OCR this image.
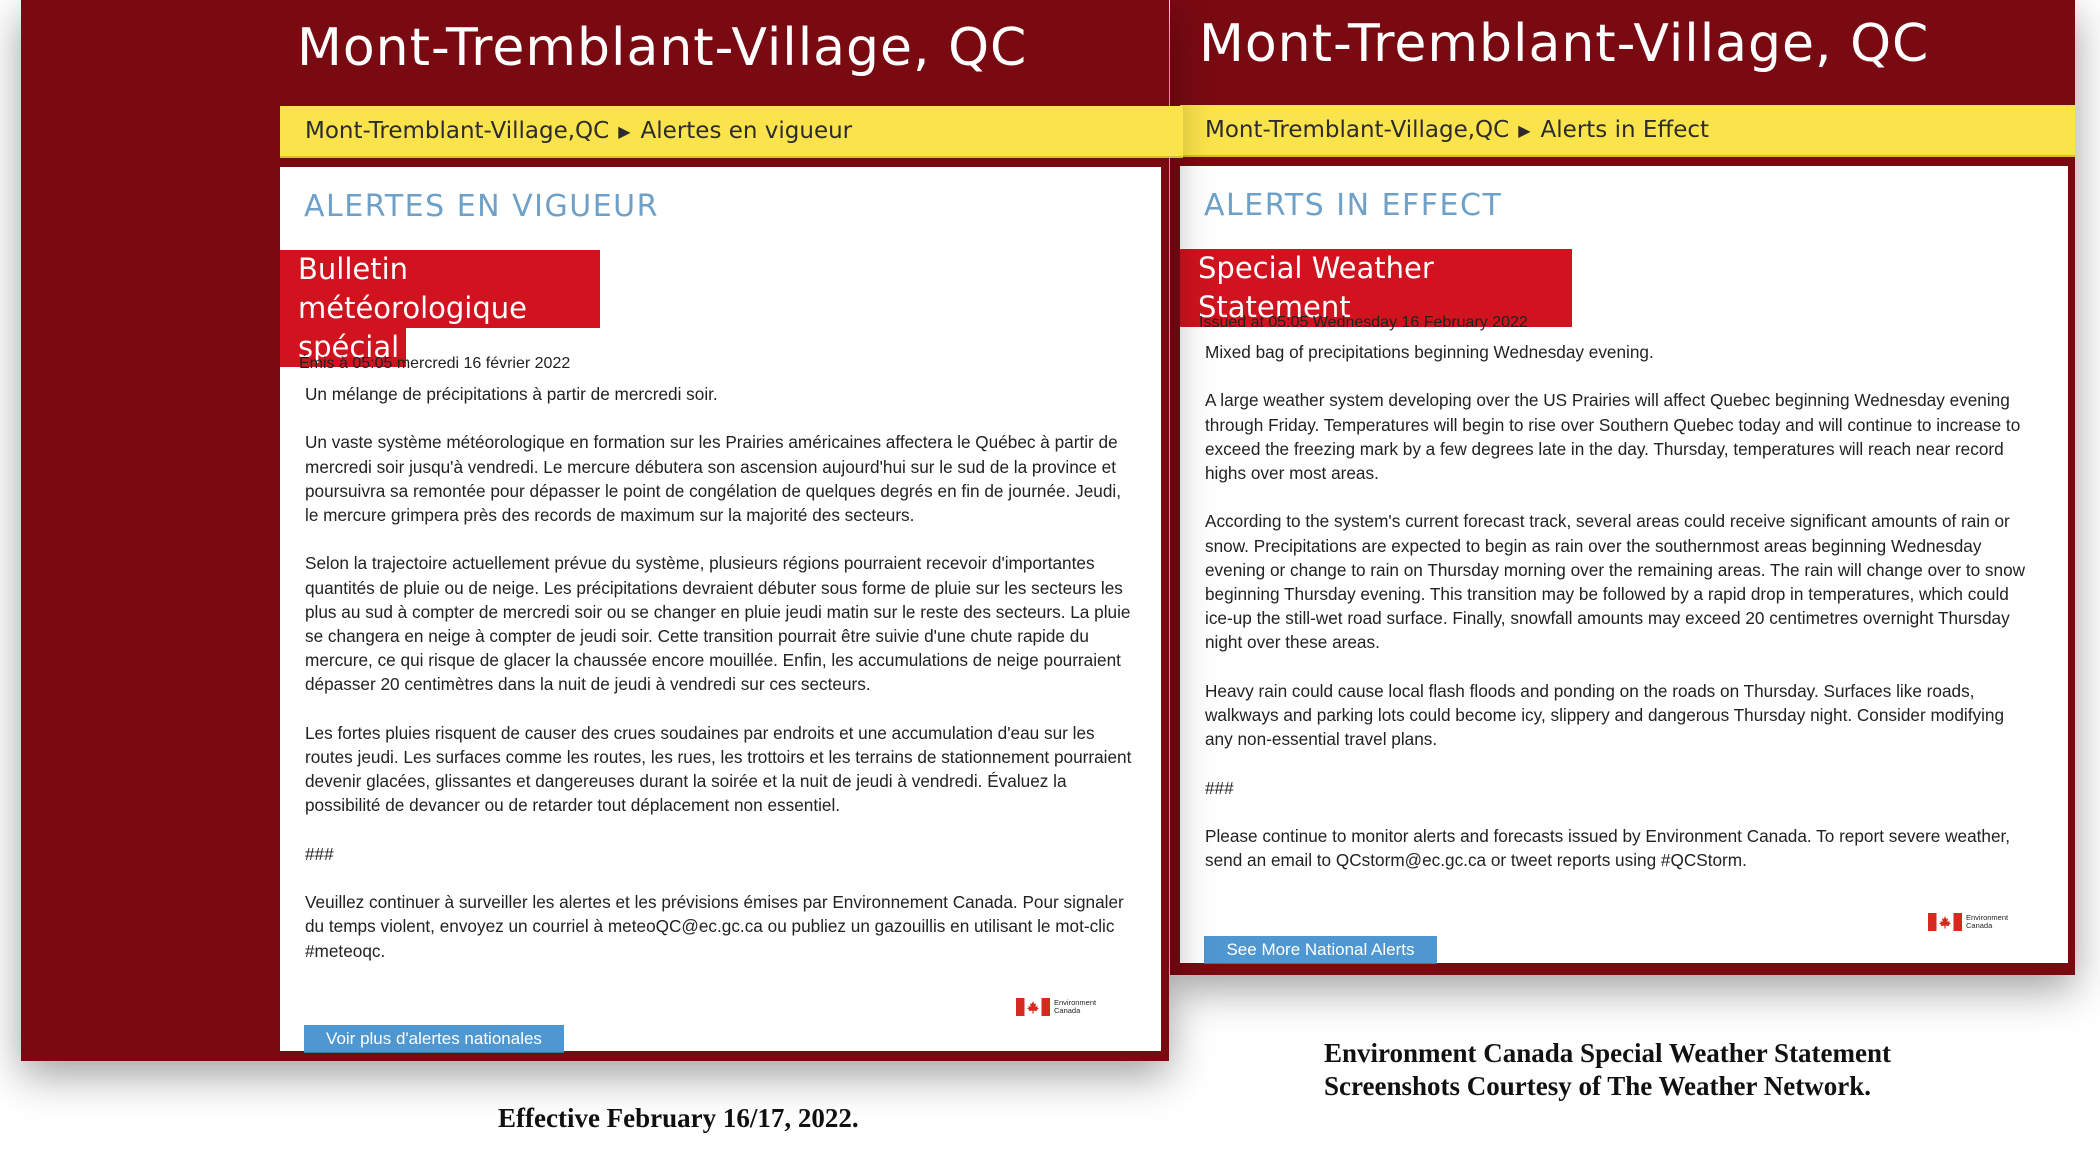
Mont-Tremblant-Village, QC
Mont-Tremblant-Village,QC ▶ Alertes en vigueur
ALERTES EN VIGUEUR
Bulletin météorologique
spécial
Émis à 05:05 mercredi 16 février 2022

Un mélange de précipitations à partir de mercredi soir.

Un vaste système météorologique en formation sur les Prairies américaines affectera le Québec à partir de mercredi soir jusqu'à vendredi. Le mercure débutera son ascension aujourd'hui sur le sud de la province et poursuivra sa remontée pour dépasser le point de congélation de quelques degrés en fin de journée. Jeudi, le mercure grimpera près des records de maximum sur la majorité des secteurs.

Selon la trajectoire actuellement prévue du système, plusieurs régions pourraient recevoir d'importantes quantités de pluie ou de neige. Les précipitations devraient débuter sous forme de pluie sur les secteurs les plus au sud à compter de mercredi soir ou se changer en pluie jeudi matin sur le reste des secteurs. La pluie se changera en neige à compter de jeudi soir. Cette transition pourrait être suivie d'une chute rapide du mercure, ce qui risque de glacer la chaussée encore mouillée. Enfin, les accumulations de neige pourraient dépasser 20 centimètres dans la nuit de jeudi à vendredi sur ces secteurs.

Les fortes pluies risquent de causer des crues soudaines par endroits et une accumulation d'eau sur les routes jeudi. Les surfaces comme les routes, les rues, les trottoirs et les terrains de stationnement pourraient devenir glacées, glissantes et dangereuses durant la soirée et la nuit de jeudi à vendredi. Évaluez la possibilité de devancer ou de retarder tout déplacement non essentiel.

###

Veuillez continuer à surveiller les alertes et les prévisions émises par Environnement Canada. Pour signaler du temps violent, envoyez un courriel à meteoQC@ec.gc.ca ou publiez un gazouillis en utilisant le mot-clic #meteoqc.

Environment
Canada
Voir plus d'alertes nationales
Mont-Tremblant-Village, QC
Mont-Tremblant-Village,QC ▶ Alerts in Effect
ALERTS IN EFFECT
Special Weather Statement
Issued at 05:05 Wednesday 16 February 2022

Mixed bag of precipitations beginning Wednesday evening.

A large weather system developing over the US Prairies will affect Quebec beginning Wednesday evening through Friday. Temperatures will begin to rise over Southern Quebec today and will continue to increase to exceed the freezing mark by a few degrees late in the day. Thursday, temperatures will reach near record highs over most areas.

According to the system's current forecast track, several areas could receive significant amounts of rain or snow. Precipitations are expected to begin as rain over the southernmost areas beginning Wednesday evening or change to rain on Thursday morning over the remaining areas. The rain will change over to snow beginning Thursday evening. This transition may be followed by a rapid drop in temperatures, which could ice-up the still-wet road surface. Finally, snowfall amounts may exceed 20 centimetres overnight Thursday night over these areas.

Heavy rain could cause local flash floods and ponding on the roads on Thursday. Surfaces like roads, walkways and parking lots could become icy, slippery and dangerous Thursday night. Consider modifying any non-essential travel plans.

###

Please continue to monitor alerts and forecasts issued by Environment Canada. To report severe weather, send an email to QCstorm@ec.gc.ca or tweet reports using #QCStorm.

Environment
Canada
See More National Alerts
Effective February 16/17, 2022.
Environment Canada Special Weather Statement
Screenshots Courtesy of The Weather Network.
